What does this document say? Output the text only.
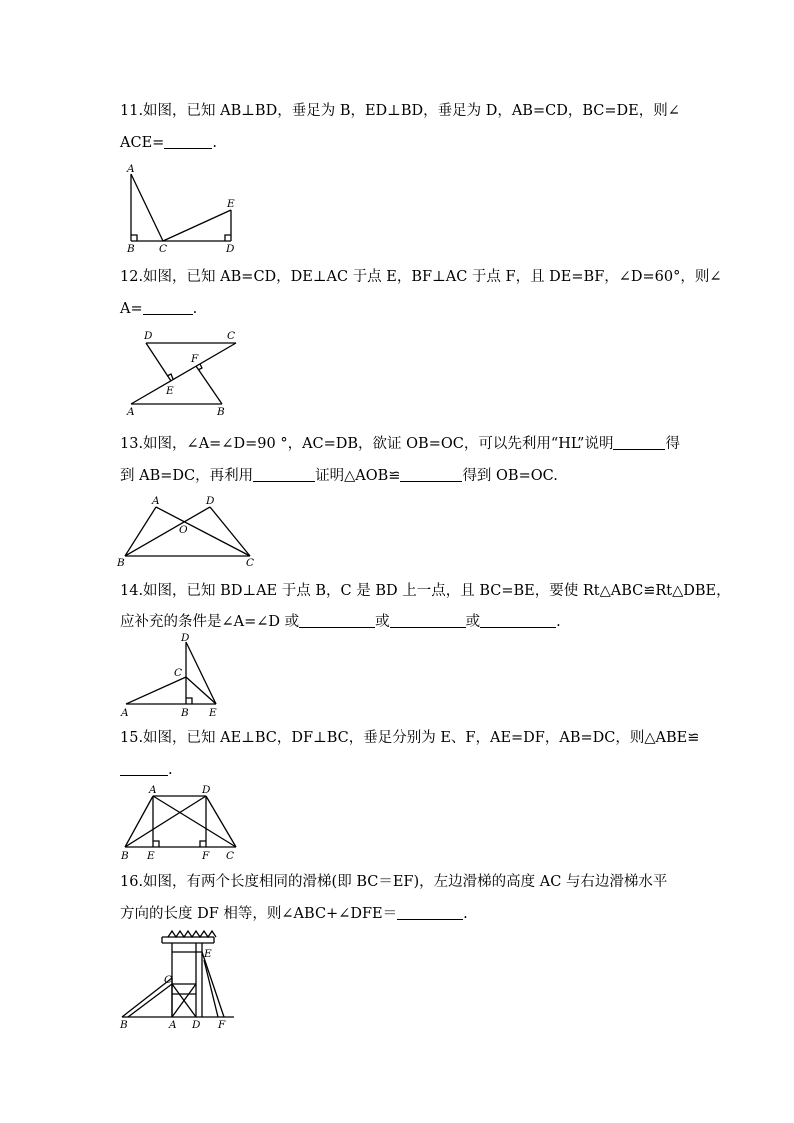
11.如图，已知 AB⊥BD，垂足为 B，ED⊥BD，垂足为 D，AB=CD，BC=DE，则∠
ACE=	.
A
B C	D
E
12.如图，已知 AB=CD，DE⊥AC 于点 E，BF⊥AC 于点 F，且 DE=BF，∠D=60°，则∠
A=	.
D	C
F
E
A	B
13.如图，∠A=∠D=90 °，AC=DB，欲证 OB=OC，可以先利用“HL”说明	得
到 AB=DC，再利用	证明△AOB≌	得到 OB=OC.
A	D
O
B	C
14.如图，已知 BD⊥AE 于点 B，C 是 BD 上一点，且 BC=BE，要使 Rt△ABC≌Rt△DBE，
应补充的条件是∠A=∠D 或	或	或	.
D
C
A	B E
15.如图，已知 AE⊥BC，DF⊥BC，垂足分别为 E、F，AE=DF，AB=DC，则△ABE≌
.
A	D
B E	F C
16.如图，有两个长度相同的滑梯(即 BC＝EF)，左边滑梯的高度 AC 与右边滑梯水平
方向的长度 DF 相等，则∠ABC+∠DFE＝	.
E
C
B	A D F
